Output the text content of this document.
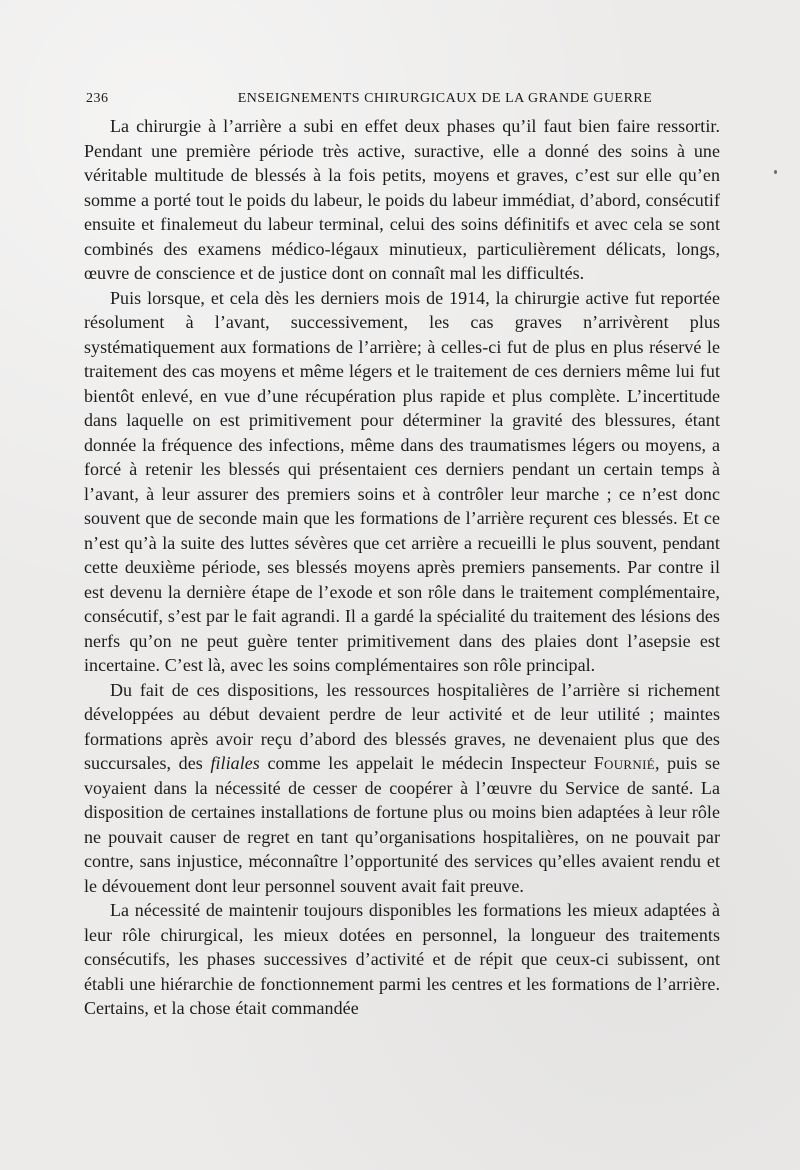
236	ENSEIGNEMENTS CHIRURGICAUX DE LA GRANDE GUERRE

La chirurgie à l’arrière a subi en effet deux phases qu’il faut bien faire ressortir. Pendant une première période très active, suractive, elle a donné des soins à une véritable multitude de blessés à la fois petits, moyens et graves, c’est sur elle qu’en somme a porté tout le poids du labeur, le poids du labeur immédiat, d’abord, consécutif ensuite et finalemeut du labeur terminal, celui des soins définitifs et avec cela se sont combinés des examens médico-légaux minutieux, particulièrement délicats, longs, œuvre de conscience et de justice dont on connaît mal les difficultés.

Puis lorsque, et cela dès les derniers mois de 1914, la chirurgie active fut reportée résolument à l’avant, successivement, les cas graves n’arrivèrent plus systématiquement aux formations de l’arrière; à celles-ci fut de plus en plus réservé le traitement des cas moyens et même légers et le traitement de ces derniers même lui fut bientôt enlevé, en vue d’une récupération plus rapide et plus complète. L’incertitude dans laquelle on est primitivement pour déterminer la gravité des blessures, étant donnée la fréquence des infections, même dans des traumatismes légers ou moyens, a forcé à retenir les blessés qui présentaient ces derniers pendant un certain temps à l’avant, à leur assurer des premiers soins et à contrôler leur marche ; ce n’est donc souvent que de seconde main que les formations de l’arrière reçurent ces blessés. Et ce n’est qu’à la suite des luttes sévères que cet arrière a recueilli le plus souvent, pendant cette deuxième période, ses blessés moyens après premiers pansements. Par contre il est devenu la dernière étape de l’exode et son rôle dans le traitement complémentaire, consécutif, s’est par le fait agrandi. Il a gardé la spécialité du traitement des lésions des nerfs qu’on ne peut guère tenter primitivement dans des plaies dont l’asepsie est incertaine. C’est là, avec les soins complémentaires son rôle principal.

Du fait de ces dispositions, les ressources hospitalières de l’arrière si richement développées au début devaient perdre de leur activité et de leur utilité ; maintes formations après avoir reçu d’abord des blessés graves, ne devenaient plus que des succursales, des filiales comme les appelait le médecin Inspecteur Fournié, puis se voyaient dans la nécessité de cesser de coopérer à l’œuvre du Service de santé. La disposition de certaines installations de fortune plus ou moins bien adaptées à leur rôle ne pouvait causer de regret en tant qu’organisations hospitalières, on ne pouvait par contre, sans injustice, méconnaître l’opportunité des services qu’elles avaient rendu et le dévouement dont leur personnel souvent avait fait preuve.

La nécessité de maintenir toujours disponibles les formations les mieux adaptées à leur rôle chirurgical, les mieux dotées en personnel, la longueur des traitements consécutifs, les phases successives d’activité et de répit que ceux-ci subissent, ont établi une hiérarchie de fonctionnement parmi les centres et les formations de l’arrière. Certains, et la chose était commandée
